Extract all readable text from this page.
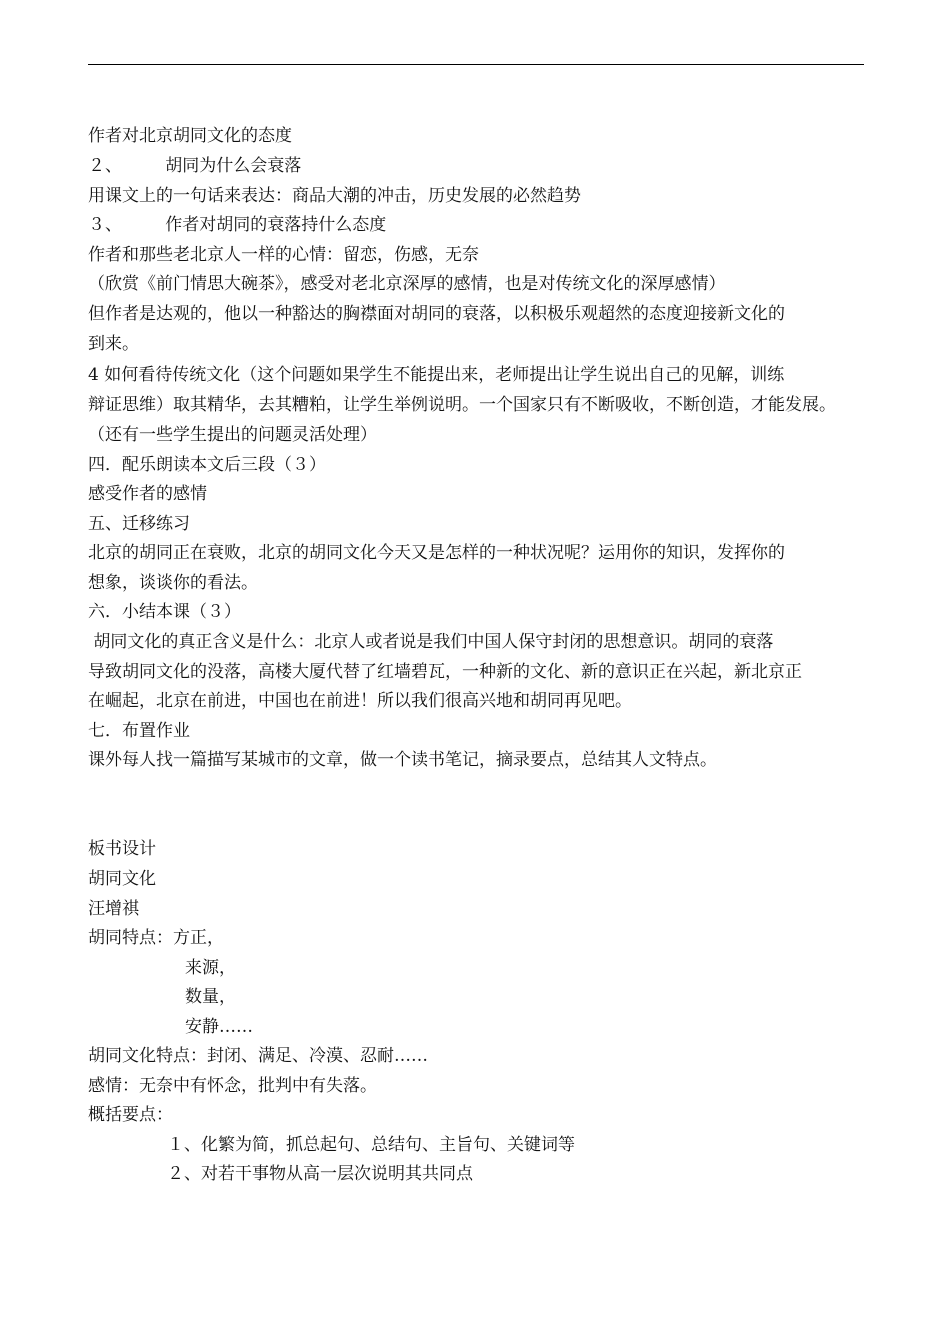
作者对北京胡同文化的态度
２、        胡同为什么会衰落
用课文上的一句话来表达：商品大潮的冲击，历史发展的必然趋势
３、        作者对胡同的衰落持什么态度
作者和那些老北京人一样的心情：留恋，伤感，无奈
（欣赏《前门情思大碗茶》，感受对老北京深厚的感情，也是对传统文化的深厚感情）
但作者是达观的，他以一种豁达的胸襟面对胡同的衰落，以积极乐观超然的态度迎接新文化的
到来。
4 如何看待传统文化（这个问题如果学生不能提出来，老师提出让学生说出自己的见解，训练
辩证思维）取其精华，去其糟粕，让学生举例说明。一个国家只有不断吸收，不断创造，才能发展。
（还有一些学生提出的问题灵活处理）
四．配乐朗读本文后三段（３）
感受作者的感情
五、迁移练习
北京的胡同正在衰败，北京的胡同文化今天又是怎样的一种状况呢？运用你的知识，发挥你的
想象，谈谈你的看法。
六．小结本课（３）
胡同文化的真正含义是什么：北京人或者说是我们中国人保守封闭的思想意识。胡同的衰落
导致胡同文化的没落，高楼大厦代替了红墙碧瓦，一种新的文化、新的意识正在兴起，新北京正
在崛起，北京在前进，中国也在前进！所以我们很高兴地和胡同再见吧。
七．布置作业
课外每人找一篇描写某城市的文章，做一个读书笔记，摘录要点，总结其人文特点。
板书设计
胡同文化
汪增祺
胡同特点：方正，
来源，
数量，
安静……
胡同文化特点：封闭、满足、冷漠、忍耐……
感情：无奈中有怀念，批判中有失落。
概括要点：
１、化繁为简，抓总起句、总结句、主旨句、关键词等
２、对若干事物从高一层次说明其共同点
